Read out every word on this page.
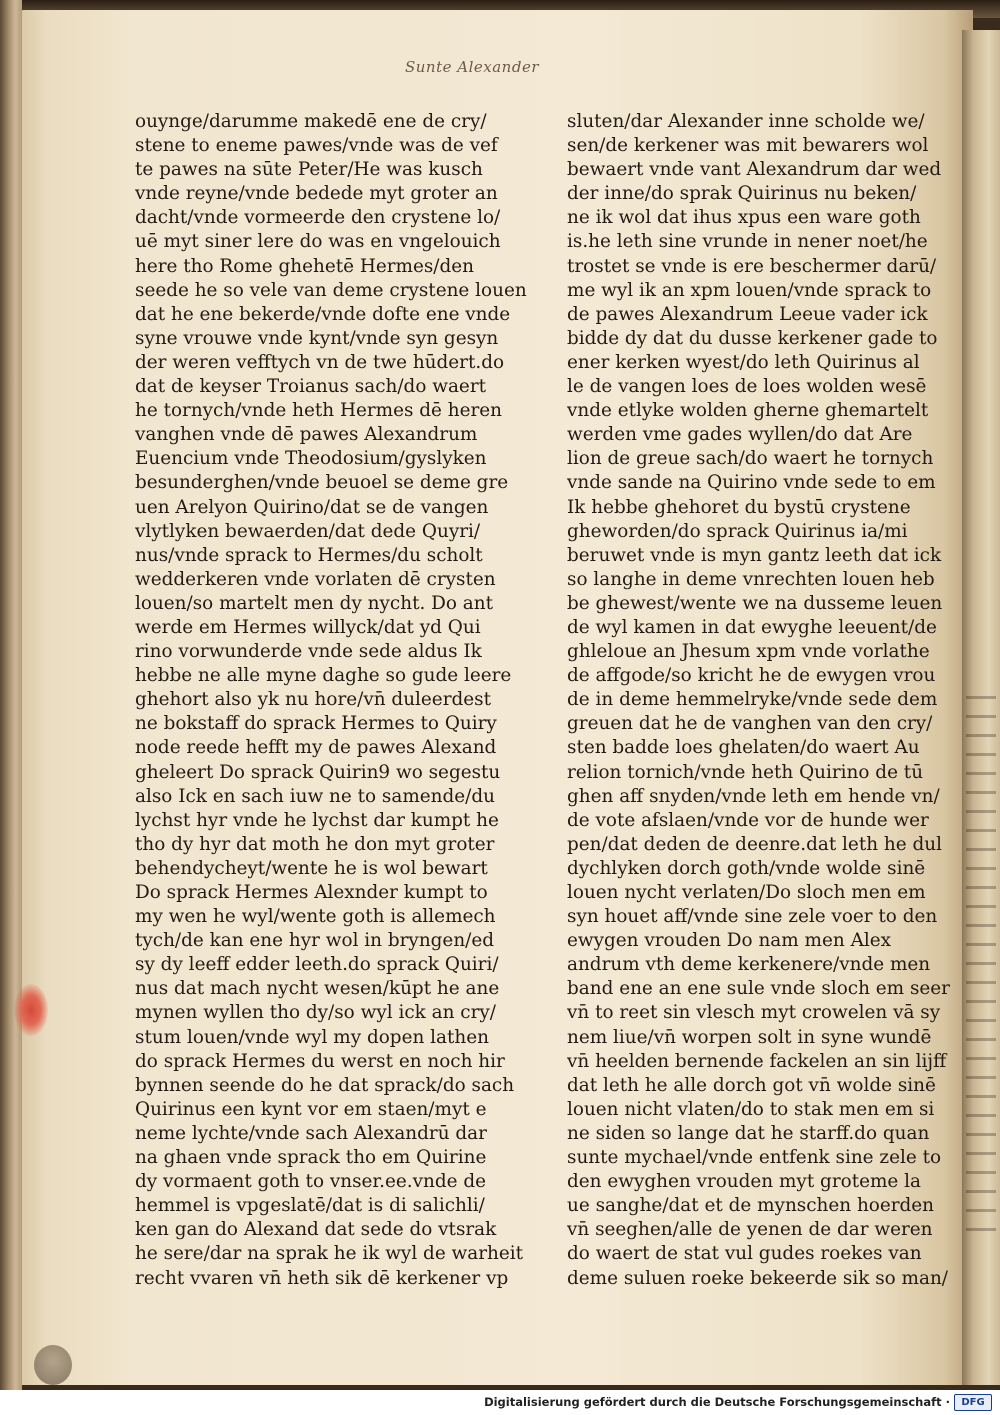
Sunte Alexander
ouynge/darumme makedē ene de cry/
stene to eneme pawes/vnde was de vef
te pawes na sūte Peter/He was kusch
vnde reyne/vnde bedede myt groter an
dacht/vnde vormeerde den crystene lo/
uē myt siner lere do was en vngelouich
here tho Rome ghehetē Hermes/den
seede he so vele van deme crystene louen
dat he ene bekerde/vnde dofte ene vnde
syne vrouwe vnde kynt/vnde syn gesyn
der weren vefftych vn de twe hūdert.do
dat de keyser Troianus sach/do waert
he tornych/vnde heth Hermes dē heren
vanghen vnde dē pawes Alexandrum
Euencium vnde Theodosium/gyslyken
besunderghen/vnde beuoel se deme gre
uen Arelyon Quirino/dat se de vangen
vlytlyken bewaerden/dat dede Quyri/
nus/vnde sprack to Hermes/du scholt
wedderkeren vnde vorlaten dē crysten
louen/so martelt men dy nycht. Do ant
werde em Hermes willyck/dat yd Qui
rino vorwunderde vnde sede aldus Ik
hebbe ne alle myne daghe so gude leere
ghehort also yk nu hore/vn̄ duleerdest
ne bokstaff do sprack Hermes to Quiry
node reede hefft my de pawes Alexand
gheleert Do sprack Quirin9 wo segestu
also Ick en sach iuw ne to samende/du
lychst hyr vnde he lychst dar kumpt he
tho dy hyr dat moth he don myt groter
behendycheyt/wente he is wol bewart
Do sprack Hermes Alexnder kumpt to
my wen he wyl/wente goth is allemech
tych/de kan ene hyr wol in bryngen/ed
sy dy leeff edder leeth.do sprack Quiri/
nus dat mach nycht wesen/kūpt he ane
mynen wyllen tho dy/so wyl ick an cry/
stum louen/vnde wyl my dopen lathen
do sprack Hermes du werst en noch hir
bynnen seende do he dat sprack/do sach
Quirinus een kynt vor em staen/myt e
neme lychte/vnde sach Alexandrū dar
na ghaen vnde sprack tho em Quirine
dy vormaent goth to vnser.ee.vnde de
hemmel is vpgeslatē/dat is di salichli/
ken gan do Alexand dat sede do vtsrak
he sere/dar na sprak he ik wyl de warheit
recht vvaren vn̄ heth sik dē kerkener vp
sluten/dar Alexander inne scholde we/
sen/de kerkener was mit bewarers wol
bewaert vnde vant Alexandrum dar wed
der inne/do sprak Quirinus nu beken/
ne ik wol dat ihus xpus een ware goth
is.he leth sine vrunde in nener noet/he
trostet se vnde is ere beschermer darū/
me wyl ik an xpm louen/vnde sprack to
de pawes Alexandrum Leeue vader ick
bidde dy dat du dusse kerkener gade to
ener kerken wyest/do leth Quirinus al
le de vangen loes de loes wolden wesē
vnde etlyke wolden gherne ghemartelt
werden vme gades wyllen/do dat Are
lion de greue sach/do waert he tornych
vnde sande na Quirino vnde sede to em
Ik hebbe ghehoret du bystū crystene
gheworden/do sprack Quirinus ia/mi
beruwet vnde is myn gantz leeth dat ick
so langhe in deme vnrechten louen heb
be ghewest/wente we na dusseme leuen
de wyl kamen in dat ewyghe leeuent/de
ghleloue an Jhesum xpm vnde vorlathe
de affgode/so kricht he de ewygen vrou
de in deme hemmelryke/vnde sede dem
greuen dat he de vanghen van den cry/
sten badde loes ghelaten/do waert Au
relion tornich/vnde heth Quirino de tū
ghen aff snyden/vnde leth em hende vn/
de vote afslaen/vnde vor de hunde wer
pen/dat deden de deenre.dat leth he dul
dychlyken dorch goth/vnde wolde sinē
louen nycht verlaten/Do sloch men em
syn houet aff/vnde sine zele voer to den
ewygen vrouden Do nam men Alex
andrum vth deme kerkenere/vnde men
band ene an ene sule vnde sloch em seer
vn̄ to reet sin vlesch myt crowelen vā sy
nem liue/vn̄ worpen solt in syne wundē
vn̄ heelden bernende fackelen an sin lijff
dat leth he alle dorch got vn̄ wolde sinē
louen nicht vlaten/do to stak men em si
ne siden so lange dat he starff.do quan
sunte mychael/vnde entfenk sine zele to
den ewyghen vrouden myt groteme la
ue sanghe/dat et de mynschen hoerden
vn̄ seeghen/alle de yenen de dar weren
do waert de stat vul gudes roekes van
deme suluen roeke bekeerde sik so man/
Digitalisierung gefördert durch die Deutsche Forschungsgemeinschaft ·	DFG
